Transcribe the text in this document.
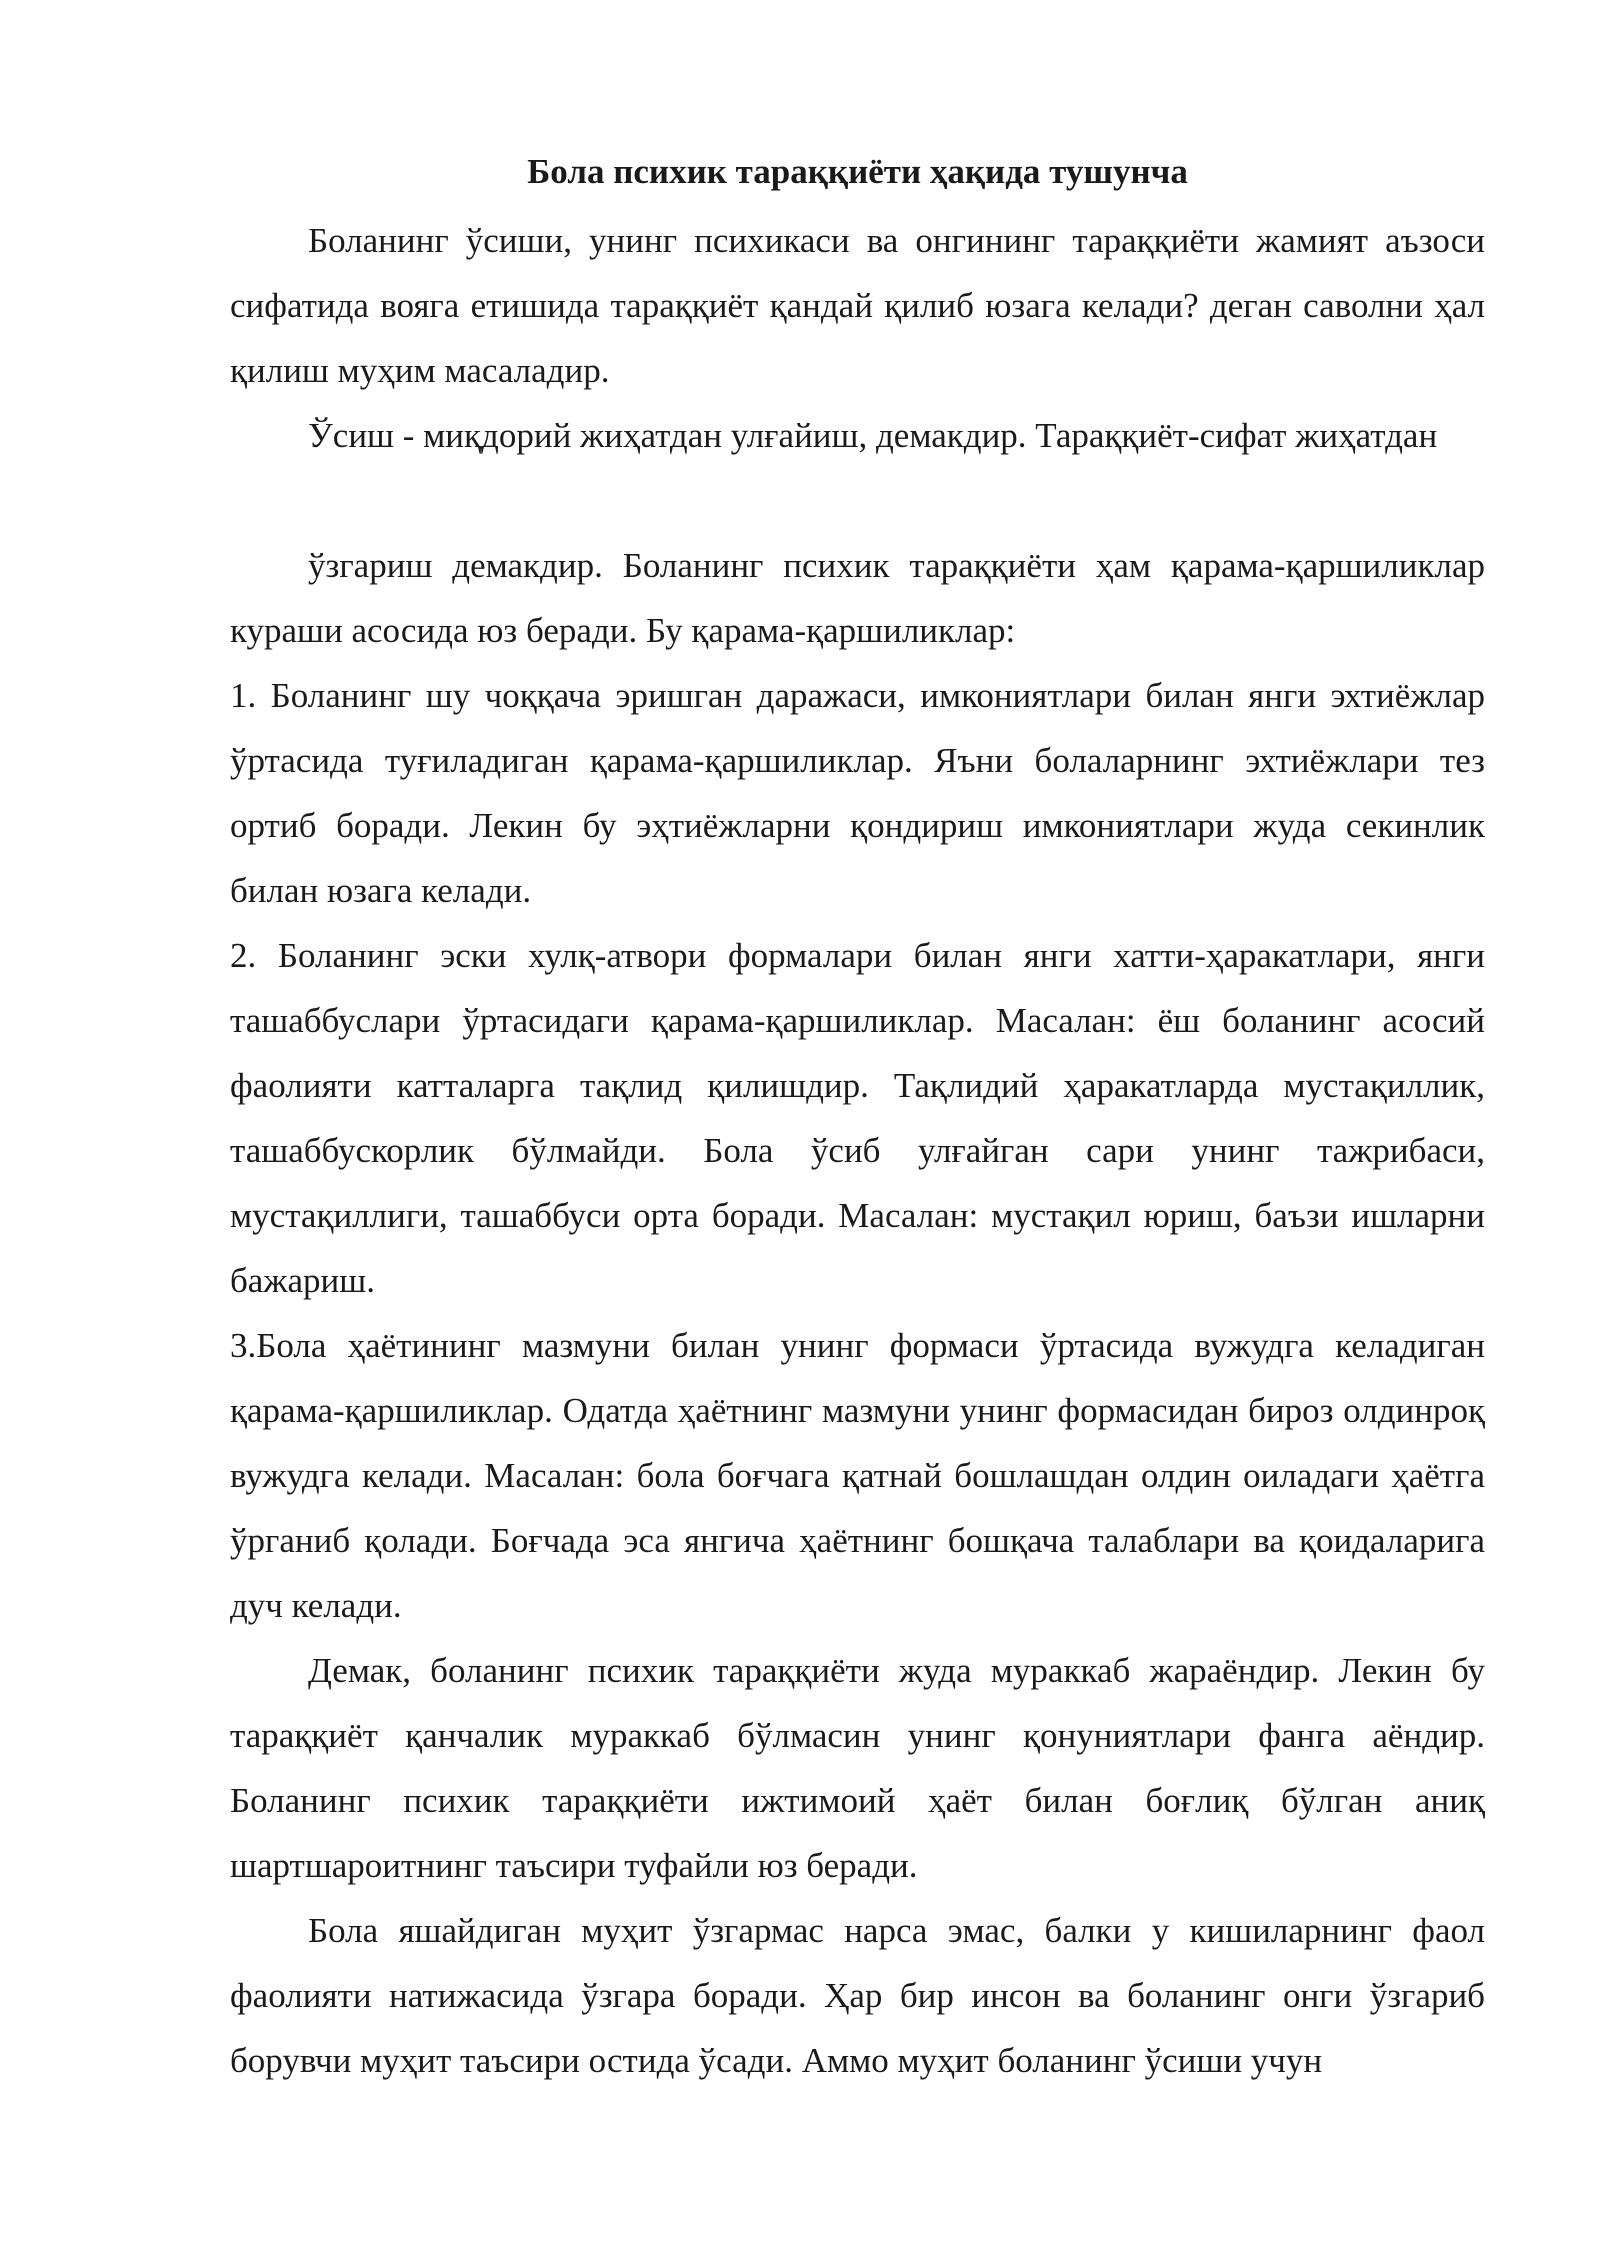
Бола психик тараққиёти ҳақида тушунча

Боланинг ўсиши, унинг психикаси ва онгининг тараққиёти жамият аъзоси сифатида вояга етишида тараққиёт қандай қилиб юзага келади? деган саволни ҳал қилиш муҳим масаладир.

Ўсиш - миқдорий жиҳатдан улғайиш, демакдир. Тараққиёт-сифат жиҳатдан

ўзгариш демакдир. Боланинг психик тараққиёти ҳам қарама-қаршиликлар кураши асосида юз беради. Бу қарама-қаршиликлар:

1. Боланинг шу чоққача эришган даражаси, имкониятлари билан янги эхтиёжлар ўртасида туғиладиган қарама-қаршиликлар. Яъни болаларнинг эхтиёжлари тез ортиб боради. Лекин бу эҳтиёжларни қондириш имкониятлари жуда секинлик билан юзага келади.

2. Боланинг эски хулқ-атвори формалари билан янги хатти-ҳаракатлари, янги ташаббуслари ўртасидаги қарама-қаршиликлар. Масалан: ёш боланинг асосий фаолияти катталарга тақлид қилишдир. Тақлидий ҳаракатларда мустақиллик, ташаббускорлик бўлмайди. Бола ўсиб улғайган сари унинг тажрибаси, мустақиллиги, ташаббуси орта боради. Масалан: мустақил юриш, баъзи ишларни бажариш.

3.Бола ҳаётининг мазмуни билан унинг формаси ўртасида вужудга келадиган қарама-қаршиликлар. Одатда ҳаётнинг мазмуни унинг формасидан бироз олдинроқ вужудга келади. Масалан: бола боғчага қатнай бошлашдан олдин оиладаги ҳаётга ўрганиб қолади. Боғчада эса янгича ҳаётнинг бошқача талаблари ва қоидаларига дуч келади.

Демак, боланинг психик тараққиёти жуда мураккаб жараёндир. Лекин бу тараққиёт қанчалик мураккаб бўлмасин унинг қонуниятлари фанга аёндир. Боланинг психик тараққиёти ижтимоий ҳаёт билан боғлиқ бўлган аниқ шартшароитнинг таъсири туфайли юз беради.

Бола яшайдиган муҳит ўзгармас нарса эмас, балки у кишиларнинг фаол фаолияти натижасида ўзгара боради. Ҳар бир инсон ва боланинг онги ўзгариб борувчи муҳит таъсири остида ўсади. Аммо муҳит боланинг ўсиши учун
